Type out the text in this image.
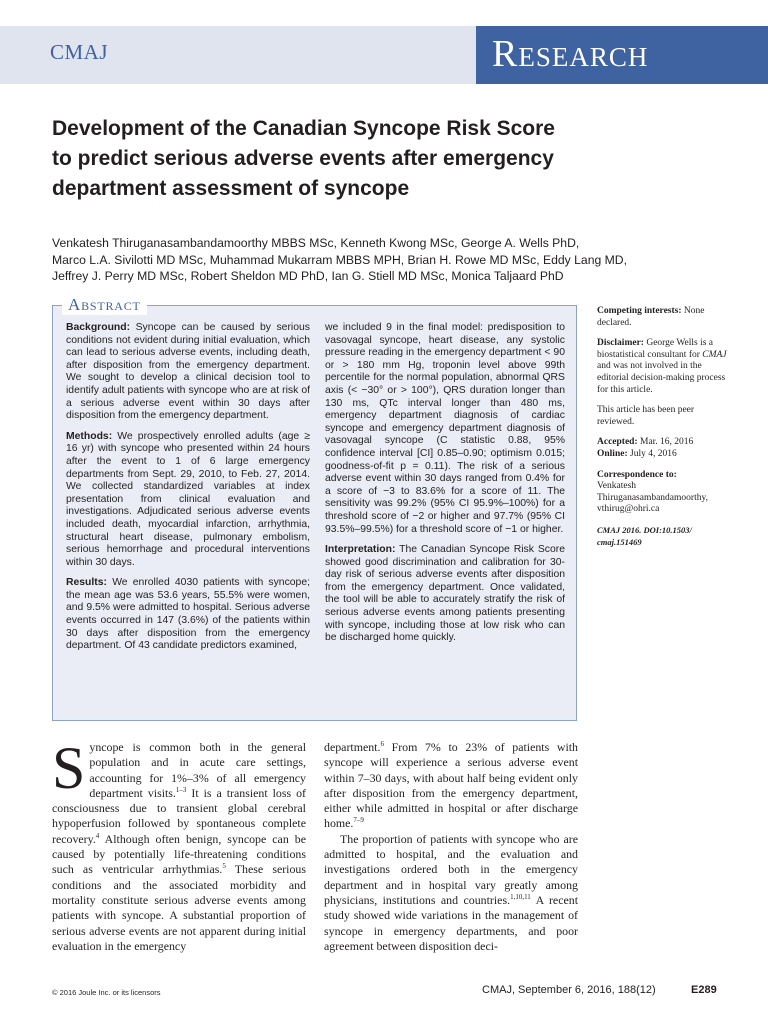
CMAJ	Research
Development of the Canadian Syncope Risk Score
to predict serious adverse events after emergency
department assessment of syncope

Venkatesh Thiruganasambandamoorthy MBBS MSc, Kenneth Kwong MSc, George A. Wells PhD,

Marco L.A. Sivilotti MD MSc, Muhammad Mukarram MBBS MPH, Brian H. Rowe MD MSc, Eddy Lang MD,

Jeffrey J. Perry MD MSc, Robert Sheldon MD PhD, Ian G. Stiell MD MSc, Monica Taljaard PhD

Abstract

Background: Syncope can be caused by serious conditions not evident during initial evaluation, which can lead to serious adverse events, including death, after disposition from the emergency department. We sought to develop a clinical decision tool to identify adult patients with syncope who are at risk of a serious adverse event within 30 days after disposition from the emergency department.

Methods: We prospectively enrolled adults (age ≥ 16 yr) with syncope who presented within 24 hours after the event to 1 of 6 large emergency departments from Sept. 29, 2010, to Feb. 27, 2014. We collected standardized variables at index presentation from clinical evaluation and investigations. Adjudicated serious adverse events included death, myocardial infarction, arrhythmia, structural heart disease, pulmonary embolism, serious hemorrhage and procedural interventions within 30 days.

Results: We enrolled 4030 patients with syncope; the mean age was 53.6 years, 55.5% were women, and 9.5% were admitted to hospital. Serious adverse events occurred in 147 (3.6%) of the patients within 30 days after disposition from the emergency department. Of 43 candidate predictors examined,

we included 9 in the final model: predisposition to vasovagal syncope, heart disease, any systolic pressure reading in the emergency department < 90 or > 180 mm Hg, troponin level above 99th percentile for the normal population, abnormal QRS axis (< −30° or > 100°), QRS duration longer than 130 ms, QTc interval longer than 480 ms, emergency department diagnosis of cardiac syncope and emergency department diagnosis of vasovagal syncope (C statistic 0.88, 95% confidence interval [CI] 0.85–0.90; optimism 0.015; goodness-of-fit p = 0.11). The risk of a serious adverse event within 30 days ranged from 0.4% for a score of −3 to 83.6% for a score of 11. The sensitivity was 99.2% (95% CI 95.9%–100%) for a threshold score of −2 or higher and 97.7% (95% CI 93.5%–99.5%) for a threshold score of −1 or higher.

Interpretation: The Canadian Syncope Risk Score showed good discrimination and calibration for 30-day risk of serious adverse events after disposition from the emergency department. Once validated, the tool will be able to accurately stratify the risk of serious adverse events among patients presenting with syncope, including those at low risk who can be discharged home quickly.

Competing interests: None declared.

Disclaimer: George Wells is a biostatistical consultant for CMAJ and was not involved in the editorial decision-making process for this article.

This article has been peer reviewed.

Accepted: Mar. 16, 2016
Online: July 4, 2016

Correspondence to:
Venkatesh Thiruganasambandamoorthy,
vthirug@ohri.ca

CMAJ 2016. DOI:10.1503/
cmaj.151469

Syncope is common both in the general population and in acute care settings, accounting for 1%–3% of all emergency department visits.$^{1-3}$ It is a transient loss of consciousness due to transient global cerebral hypoperfusion followed by spontaneous complete recovery.$^4$ Although often benign, syncope can be caused by potentially life-threatening conditions such as ventricular arrhythmias.$^5$ These serious conditions and the associated morbidity and mortality constitute serious adverse events among patients with syncope. A substantial proportion of serious adverse events are not apparent during initial evaluation in the emergency

department.$^6$ From 7% to 23% of patients with syncope will experience a serious adverse event within 7–30 days, with about half being evident only after disposition from the emergency department, either while admitted in hospital or after discharge home.$^{7-9}$

The proportion of patients with syncope who are admitted to hospital, and the evaluation and investigations ordered both in the emergency department and in hospital vary greatly among physicians, institutions and countries.$^{1,10,11}$ A recent study showed wide variations in the management of syncope in emergency departments, and poor agreement between disposition deci-

© 2016 Joule Inc. or its licensors	CMAJ, September 6, 2016, 188(12)	E289
